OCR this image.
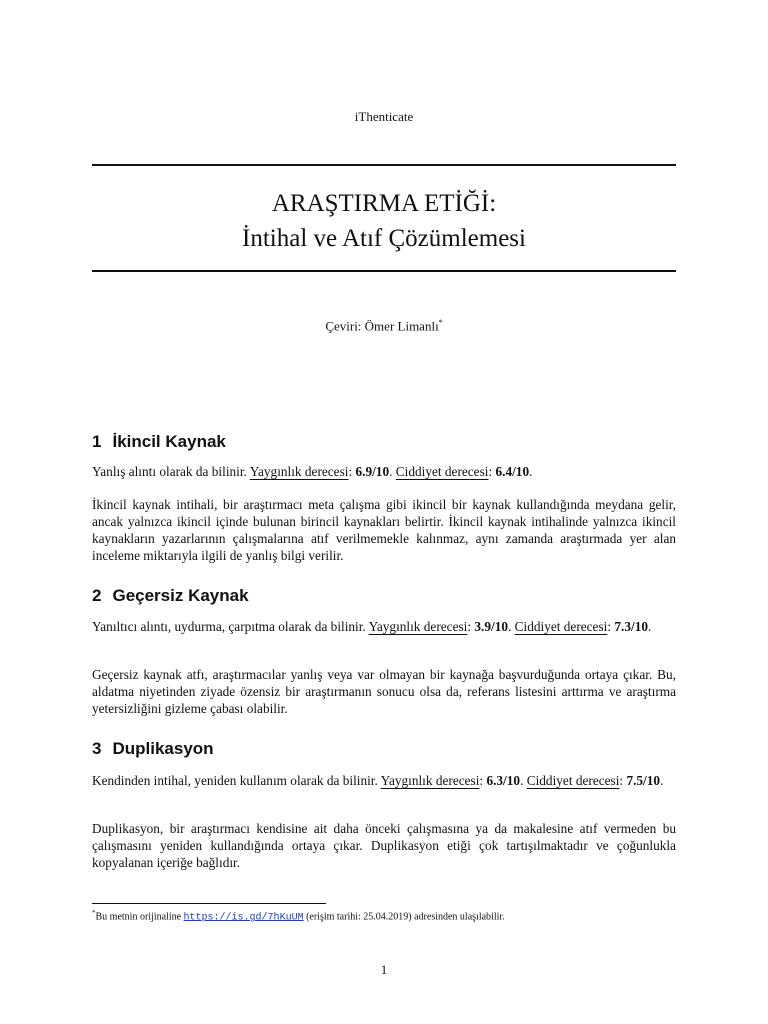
iThenticate
ARAŞTIRMA ETİĞİ:
İntihal ve Atıf Çözümlemesi
Çeviri: Ömer Limanlı*
1 İkincil Kaynak

Yanlış alıntı olarak da bilinir. Yaygınlık derecesi: 6.9/10. Ciddiyet derecesi: 6.4/10.

İkincil kaynak intihali, bir araştırmacı meta çalışma gibi ikincil bir kaynak kullandığında meydana gelir, ancak yalnızca ikincil içinde bulunan birincil kaynakları belirtir. İkincil kaynak intihalinde yalnızca ikincil kaynakların yazarlarının çalışmalarına atıf verilmemekle kalınmaz, aynı zamanda araştırmada yer alan inceleme miktarıyla ilgili de yanlış bilgi verilir.

2 Geçersiz Kaynak

Yanıltıcı alıntı, uydurma, çarpıtma olarak da bilinir. Yaygınlık derecesi: 3.9/10. Ciddiyet derecesi: 7.3/10.

Geçersiz kaynak atfı, araştırmacılar yanlış veya var olmayan bir kaynağa başvurduğunda ortaya çıkar. Bu, aldatma niyetinden ziyade özensiz bir araştırmanın sonucu olsa da, referans listesini arttırma ve araştırma yetersizliğini gizleme çabası olabilir.

3 Duplikasyon

Kendinden intihal, yeniden kullanım olarak da bilinir. Yaygınlık derecesi: 6.3/10. Ciddiyet derecesi: 7.5/10.

Duplikasyon, bir araştırmacı kendisine ait daha önceki çalışmasına ya da makalesine atıf vermeden bu çalışmasını yeniden kullandığında ortaya çıkar. Duplikasyon etiği çok tartışılmaktadır ve çoğunlukla kopyalanan içeriğe bağlıdır.

*Bu metnin orijinaline https://is.gd/7hKuUM (erişim tarihi: 25.04.2019) adresinden ulaşılabilir.
1
